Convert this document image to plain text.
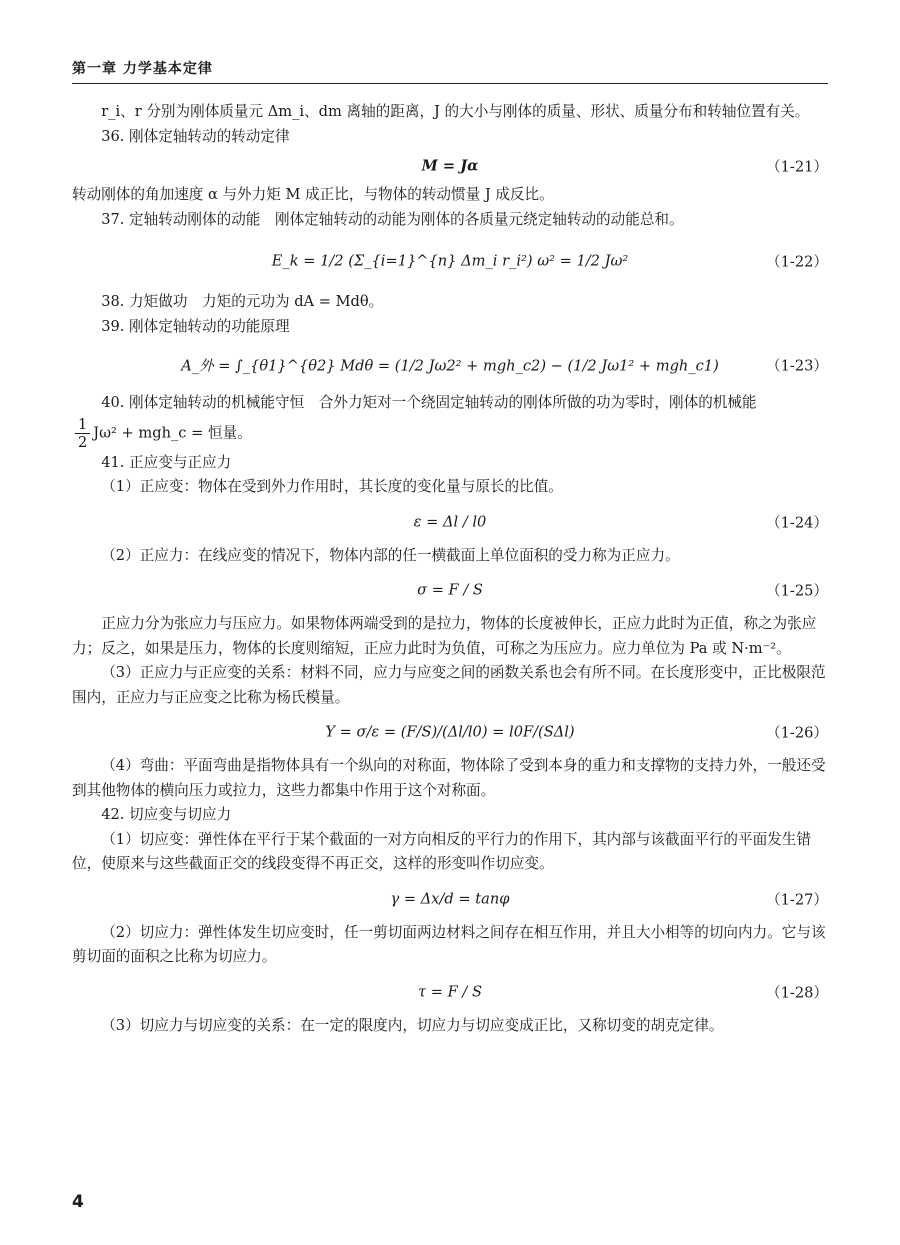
第一章 力学基本定律

r_i、r 分别为刚体质量元 Δm_i、dm 离轴的距离，J 的大小与刚体的质量、形状、质量分布和转轴位置有关。

36. 刚体定轴转动的转动定律

M = Jα	（1-21）

转动刚体的角加速度 α 与外力矩 M 成正比，与物体的转动惯量 J 成反比。

37. 定轴转动刚体的动能　刚体定轴转动的动能为刚体的各质量元绕定轴转动的动能总和。

E_k = 1/2 (Σ_{i=1}^{n} Δm_i r_i²) ω² = 1/2 Jω²	（1-22）

38. 力矩做功　力矩的元功为 dA = Mdθ。

39. 刚体定轴转动的功能原理

A_外 = ∫_{θ1}^{θ2} Mdθ = (1/2 Jω2² + mgh_c2) − (1/2 Jω1² + mgh_c1)	（1-23）

40. 刚体定轴转动的机械能守恒　合外力矩对一个绕固定轴转动的刚体所做的功为零时，刚体的机械能

$\frac{1}{2} J\omega^2$ + mgh_c = 恒量。

41. 正应变与正应力

（1）正应变：物体在受到外力作用时，其长度的变化量与原长的比值。

ε = Δl / l0	（1-24）

（2）正应力：在线应变的情况下，物体内部的任一横截面上单位面积的受力称为正应力。

σ = F / S	（1-25）

正应力分为张应力与压应力。如果物体两端受到的是拉力，物体的长度被伸长，正应力此时为正值，称之为张应力；反之，如果是压力，物体的长度则缩短，正应力此时为负值，可称之为压应力。应力单位为 Pa 或 N·m⁻²。

（3）正应力与正应变的关系：材料不同，应力与应变之间的函数关系也会有所不同。在长度形变中，正比极限范围内，正应力与正应变之比称为杨氏模量。

Y = σ/ε = (F/S)/(Δl/l0) = l0F/(SΔl)	（1-26）

（4）弯曲：平面弯曲是指物体具有一个纵向的对称面，物体除了受到本身的重力和支撑物的支持力外，一般还受到其他物体的横向压力或拉力，这些力都集中作用于这个对称面。

42. 切应变与切应力

（1）切应变：弹性体在平行于某个截面的一对方向相反的平行力的作用下，其内部与该截面平行的平面发生错位，使原来与这些截面正交的线段变得不再正交，这样的形变叫作切应变。

γ = Δx/d = tanφ	（1-27）

（2）切应力：弹性体发生切应变时，任一剪切面两边材料之间存在相互作用，并且大小相等的切向内力。它与该剪切面的面积之比称为切应力。

τ = F / S	（1-28）

（3）切应力与切应变的关系：在一定的限度内，切应力与切应变成正比，又称切变的胡克定律。

4
